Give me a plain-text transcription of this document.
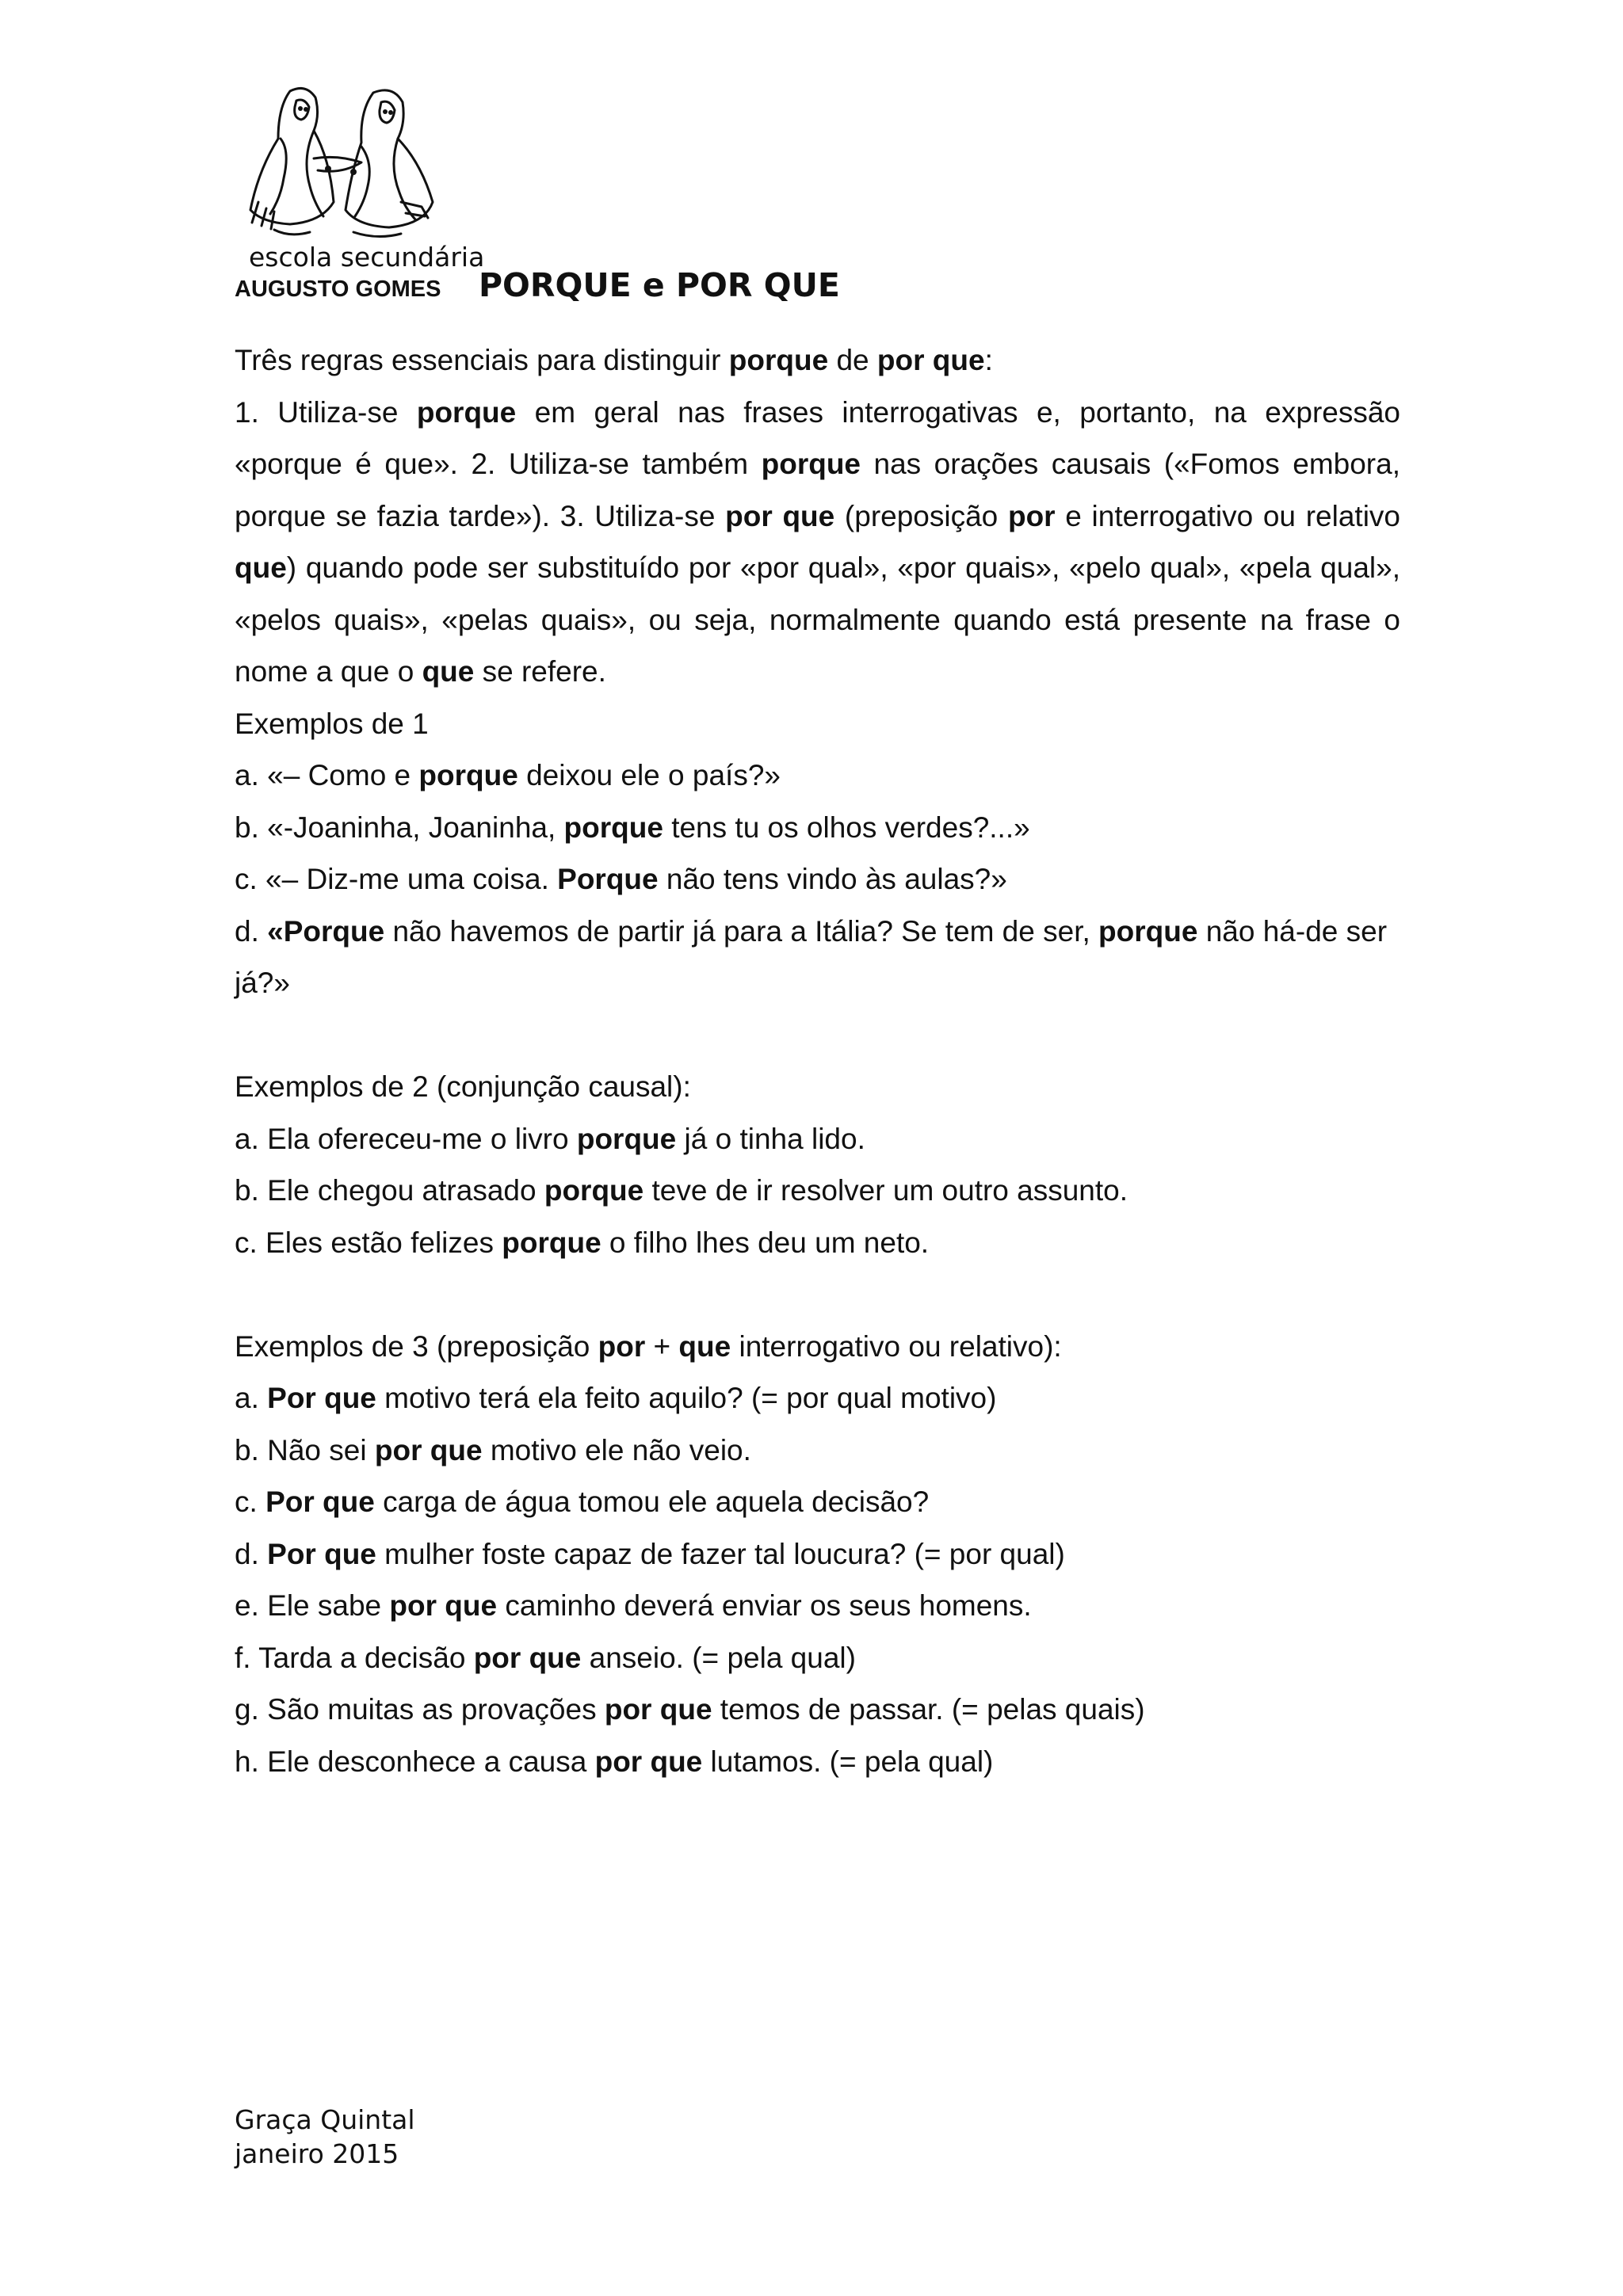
escola secundária
AUGUSTO GOMES PORQUE e POR QUE

Três regras essenciais para distinguir porque de por que:

1. Utiliza-se porque em geral nas frases interrogativas e, portanto, na expressão «porque é que». 2. Utiliza-se também porque nas orações causais («Fomos embora, porque se fazia tarde»). 3. Utiliza-se por que (preposição por e interrogativo ou relativo que) quando pode ser substituído por «por qual», «por quais», «pelo qual», «pela qual», «pelos quais», «pelas quais», ou seja, normalmente quando está presente na frase o nome a que o que se refere.

Exemplos de 1

a. «– Como e porque deixou ele o país?»

b. «-Joaninha, Joaninha, porque tens tu os olhos verdes?...»

c. «– Diz-me uma coisa. Porque não tens vindo às aulas?»

d. «Porque não havemos de partir já para a Itália? Se tem de ser, porque não há-de ser já?»

Exemplos de 2 (conjunção causal):

a. Ela ofereceu-me o livro porque já o tinha lido.

b. Ele chegou atrasado porque teve de ir resolver um outro assunto.

c. Eles estão felizes porque o filho lhes deu um neto.

Exemplos de 3 (preposição por + que interrogativo ou relativo):

a. Por que motivo terá ela feito aquilo? (= por qual motivo)

b. Não sei por que motivo ele não veio.

c. Por que carga de água tomou ele aquela decisão?

d. Por que mulher foste capaz de fazer tal loucura? (= por qual)

e. Ele sabe por que caminho deverá enviar os seus homens.

f. Tarda a decisão por que anseio. (= pela qual)

g. São muitas as provações por que temos de passar. (= pelas quais)

h. Ele desconhece a causa por que lutamos. (= pela qual)

Graça Quintal
janeiro 2015
